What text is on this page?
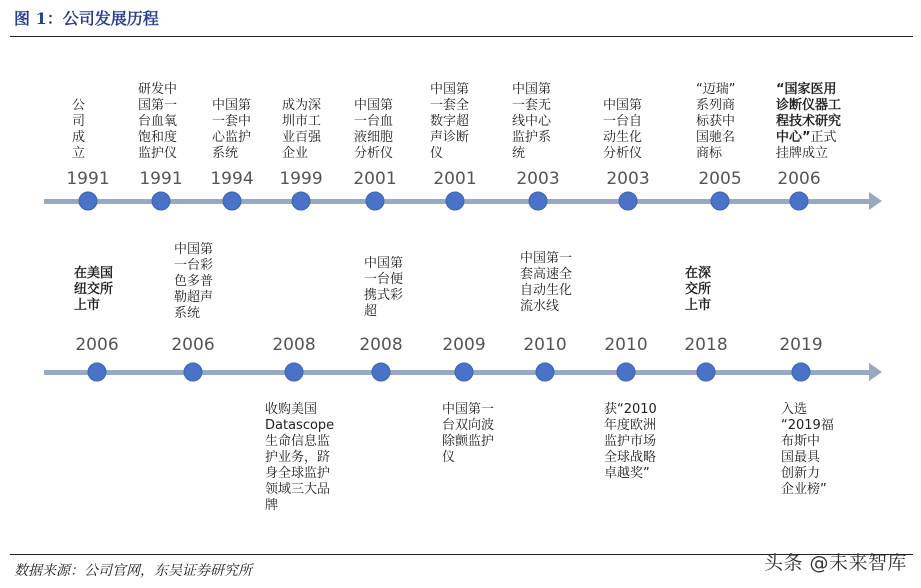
图 1：公司发展历程
公
司
成
立
1991
研发中
国第一
台血氧
饱和度
监护仪
1991
中国第
一套中
心监护
系统
1994
成为深
圳市工
业百强
企业
1999
中国第
一台血
液细胞
分析仪
2001
中国第
一套全
数字超
声诊断
仪
2001
中国第
一套无
线中心
监护系
统
2003
中国第
一台自
动生化
分析仪
2003
“迈瑞”
系列商
标获中
国驰名
商标
2005
“国家医用
诊断仪器工
程技术研究
中心”正式
挂牌成立
2006
在美国
纽交所
上市
2006
中国第
一台彩
色多普
勒超声
系统
2006
收购美国
Datascope
生命信息监
护业务，跻
身全球监护
领域三大品
牌
2008
中国第
一台便
携式彩
超
2008
中国第一
台双向波
除颤监护
仪
2009
中国第一
套高速全
自动生化
流水线
2010
获“2010
年度欧洲
监护市场
全球战略
卓越奖”
2010
在深
交所
上市
2018
入选
“2019福
布斯中
国最具
创新力
企业榜”
2019
数据来源：公司官网，东吴证券研究所	头条 @未来智库
